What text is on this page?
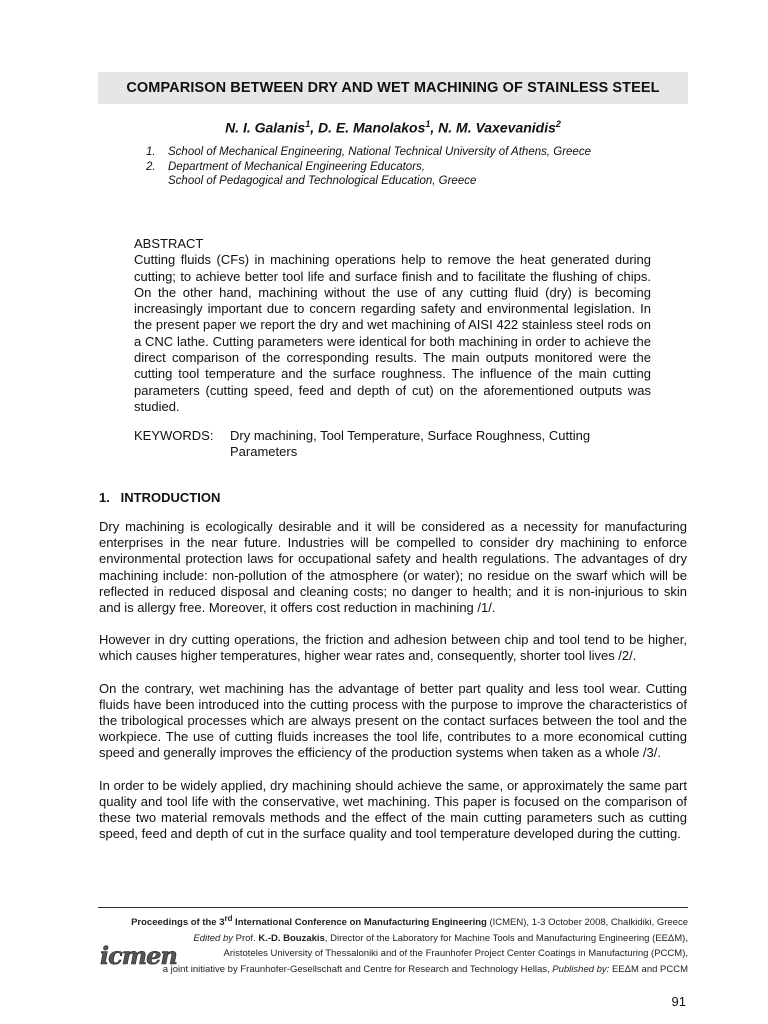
COMPARISON BETWEEN DRY AND WET MACHINING OF STAINLESS STEEL
N. I. Galanis$^1$, D. E. Manolakos$^1$, N. M. Vaxevanidis$^2$
1.	School of Mechanical Engineering, National Technical University of Athens, Greece
2.	Department of Mechanical Engineering Educators,
School of Pedagogical and Technological Education, Greece
ABSTRACT
Cutting fluids (CFs) in machining operations help to remove the heat generated during cutting; to achieve better tool life and surface finish and to facilitate the flushing of chips. On the other hand, machining without the use of any cutting fluid (dry) is becoming increasingly important due to concern regarding safety and environmental legislation. In the present paper we report the dry and wet machining of AISI 422 stainless steel rods on a CNC lathe. Cutting parameters were identical for both machining in order to achieve the direct comparison of the corresponding results. The main outputs monitored were the cutting tool temperature and the surface roughness. The influence of the main cutting parameters (cutting speed, feed and depth of cut) on the aforementioned outputs was studied.
KEYWORDS:	Dry machining, Tool Temperature, Surface Roughness, Cutting Parameters
1.   INTRODUCTION

Dry machining is ecologically desirable and it will be considered as a necessity for manufacturing enterprises in the near future. Industries will be compelled to consider dry machining to enforce environmental protection laws for occupational safety and health regulations. The advantages of dry machining include: non-pollution of the atmosphere (or water); no residue on the swarf which will be reflected in reduced disposal and cleaning costs; no danger to health; and it is non-injurious to skin and is allergy free. Moreover, it offers cost reduction in machining /1/.

However in dry cutting operations, the friction and adhesion between chip and tool tend to be higher, which causes higher temperatures, higher wear rates and, consequently, shorter tool lives /2/.

On the contrary, wet machining has the advantage of better part quality and less tool wear. Cutting fluids have been introduced into the cutting process with the purpose to improve the characteristics of the tribological processes which are always present on the contact surfaces between the tool and the workpiece. The use of cutting fluids increases the tool life, contributes to a more economical cutting speed and generally improves the efficiency of the production systems when taken as a whole /3/.

In order to be widely applied, dry machining should achieve the same, or approximately the same part quality and tool life with the conservative, wet machining. This paper is focused on the comparison of these two material removals methods and the effect of the main cutting parameters such as cutting speed, feed and depth of cut in the surface quality and tool temperature developed during the cutting.

icmen
Proceedings of the 3rd International Conference on Manufacturing Engineering (ICMEN), 1-3 October 2008, Chalkidiki, Greece
Edited by Prof. K.-D. Bouzakis, Director of the Laboratory for Machine Tools and Manufacturing Engineering (ΕΕΔΜ),
Aristoteles University of Thessaloniki and of the Fraunhofer Project Center Coatings in Manufacturing (PCCM),
a joint initiative by Fraunhofer-Gesellschaft and Centre for Research and Technology Hellas, Published by: ΕΕΔΜ and PCCM
91
